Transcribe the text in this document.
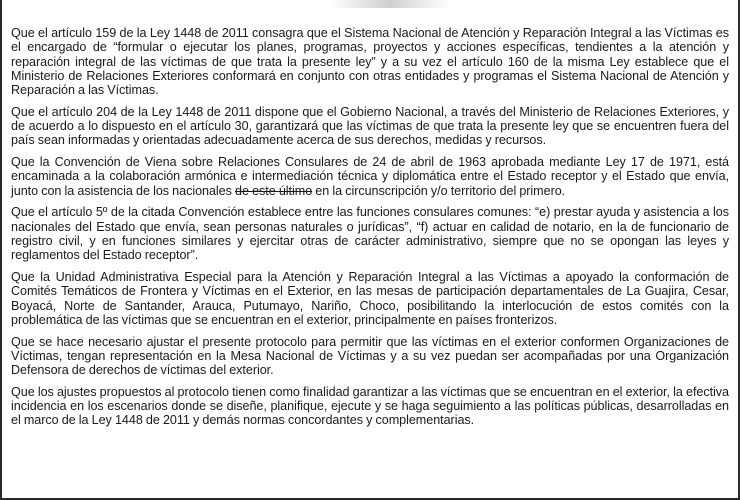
Que el artículo 159 de la Ley 1448 de 2011 consagra que el Sistema Nacional de Atención y Reparación Integral a las Víctimas es el encargado de “formular o ejecutar los planes, programas, proyectos y acciones específicas, tendientes a la atención y reparación integral de las víctimas de que trata la presente ley” y a su vez el artículo 160 de la misma Ley establece que el Ministerio de Relaciones Exteriores conformará en conjunto con otras entidades y programas el Sistema Nacional de Atención y Reparación a las Víctimas.

Que el artículo 204 de la Ley 1448 de 2011 dispone que el Gobierno Nacional, a través del Ministerio de Relaciones Exteriores, y de acuerdo a lo dispuesto en el artículo 30, garantizará que las víctimas de que trata la presente ley que se encuentren fuera del país sean informadas y orientadas adecuadamente acerca de sus derechos, medidas y recursos.

Que la Convención de Viena sobre Relaciones Consulares de 24 de abril de 1963 aprobada mediante Ley 17 de 1971, está encaminada a la colaboración armónica e intermediación técnica y diplomática entre el Estado receptor y el Estado que envía, junto con la asistencia de los nacionales de este último en la circunscripción y/o territorio del primero.

Que el artículo 5º de la citada Convención establece entre las funciones consulares comunes: “e) prestar ayuda y asistencia a los nacionales del Estado que envía, sean personas naturales o jurídicas”, “f) actuar en calidad de notario, en la de funcionario de registro civil, y en funciones similares y ejercitar otras de carácter administrativo, siempre que no se opongan las leyes y reglamentos del Estado receptor”.

Que la Unidad Administrativa Especial para la Atención y Reparación Integral a las Víctimas a apoyado la conformación de Comités Temáticos de Frontera y Víctimas en el Exterior, en las mesas de participación departamentales de La Guajira, Cesar, Boyacá, Norte de Santander, Arauca, Putumayo, Nariño, Choco, posibilitando la interlocución de estos comités con la problemática de las víctimas que se encuentran en el exterior, principalmente en países fronterizos.

Que se hace necesario ajustar el presente protocolo para permitir que las víctimas en el exterior conformen Organizaciones de Víctimas, tengan representación en la Mesa Nacional de Víctimas y a su vez puedan ser acompañadas por una Organización Defensora de derechos de víctimas del exterior.

Que los ajustes propuestos al protocolo tienen como finalidad garantizar a las víctimas que se encuentran en el exterior, la efectiva incidencia en los escenarios donde se diseñe, planifique, ejecute y se haga seguimiento a las políticas públicas, desarrolladas en el marco de la Ley 1448 de 2011 y demás normas concordantes y complementarias.
